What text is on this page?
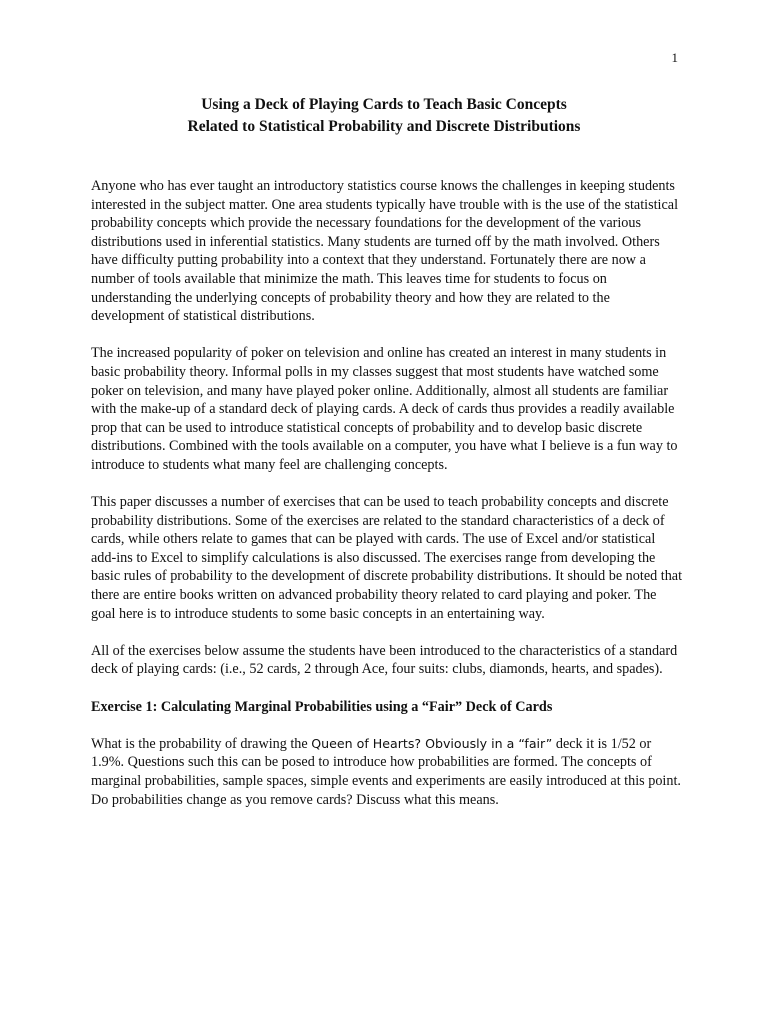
1
Using a Deck of Playing Cards to Teach Basic Concepts
Related to Statistical Probability and Discrete Distributions

Anyone who has ever taught an introductory statistics course knows the challenges in keeping students interested in the subject matter. One area students typically have trouble with is the use of the statistical probability concepts which provide the necessary foundations for the development of the various distributions used in inferential statistics. Many students are turned off by the math involved. Others have difficulty putting probability into a context that they understand. Fortunately there are now a number of tools available that minimize the math. This leaves time for students to focus on understanding the underlying concepts of probability theory and how they are related to the development of statistical distributions.

The increased popularity of poker on television and online has created an interest in many students in basic probability theory. Informal polls in my classes suggest that most students have watched some poker on television, and many have played poker online. Additionally, almost all students are familiar with the make-up of a standard deck of playing cards. A deck of cards thus provides a readily available prop that can be used to introduce statistical concepts of probability and to develop basic discrete distributions. Combined with the tools available on a computer, you have what I believe is a fun way to introduce to students what many feel are challenging concepts.

This paper discusses a number of exercises that can be used to teach probability concepts and discrete probability distributions. Some of the exercises are related to the standard characteristics of a deck of cards, while others relate to games that can be played with cards. The use of Excel and/or statistical add-ins to Excel to simplify calculations is also discussed. The exercises range from developing the basic rules of probability to the development of discrete probability distributions. It should be noted that there are entire books written on advanced probability theory related to card playing and poker. The goal here is to introduce students to some basic concepts in an entertaining way.

All of the exercises below assume the students have been introduced to the characteristics of a standard deck of playing cards: (i.e., 52 cards, 2 through Ace, four suits: clubs, diamonds, hearts, and spades).

Exercise 1: Calculating Marginal Probabilities using a “Fair” Deck of Cards

What is the probability of drawing the Queen of Hearts? Obviously in a “fair” deck it is 1/52 or 1.9%. Questions such this can be posed to introduce how probabilities are formed. The concepts of marginal probabilities, sample spaces, simple events and experiments are easily introduced at this point. Do probabilities change as you remove cards? Discuss what this means.
